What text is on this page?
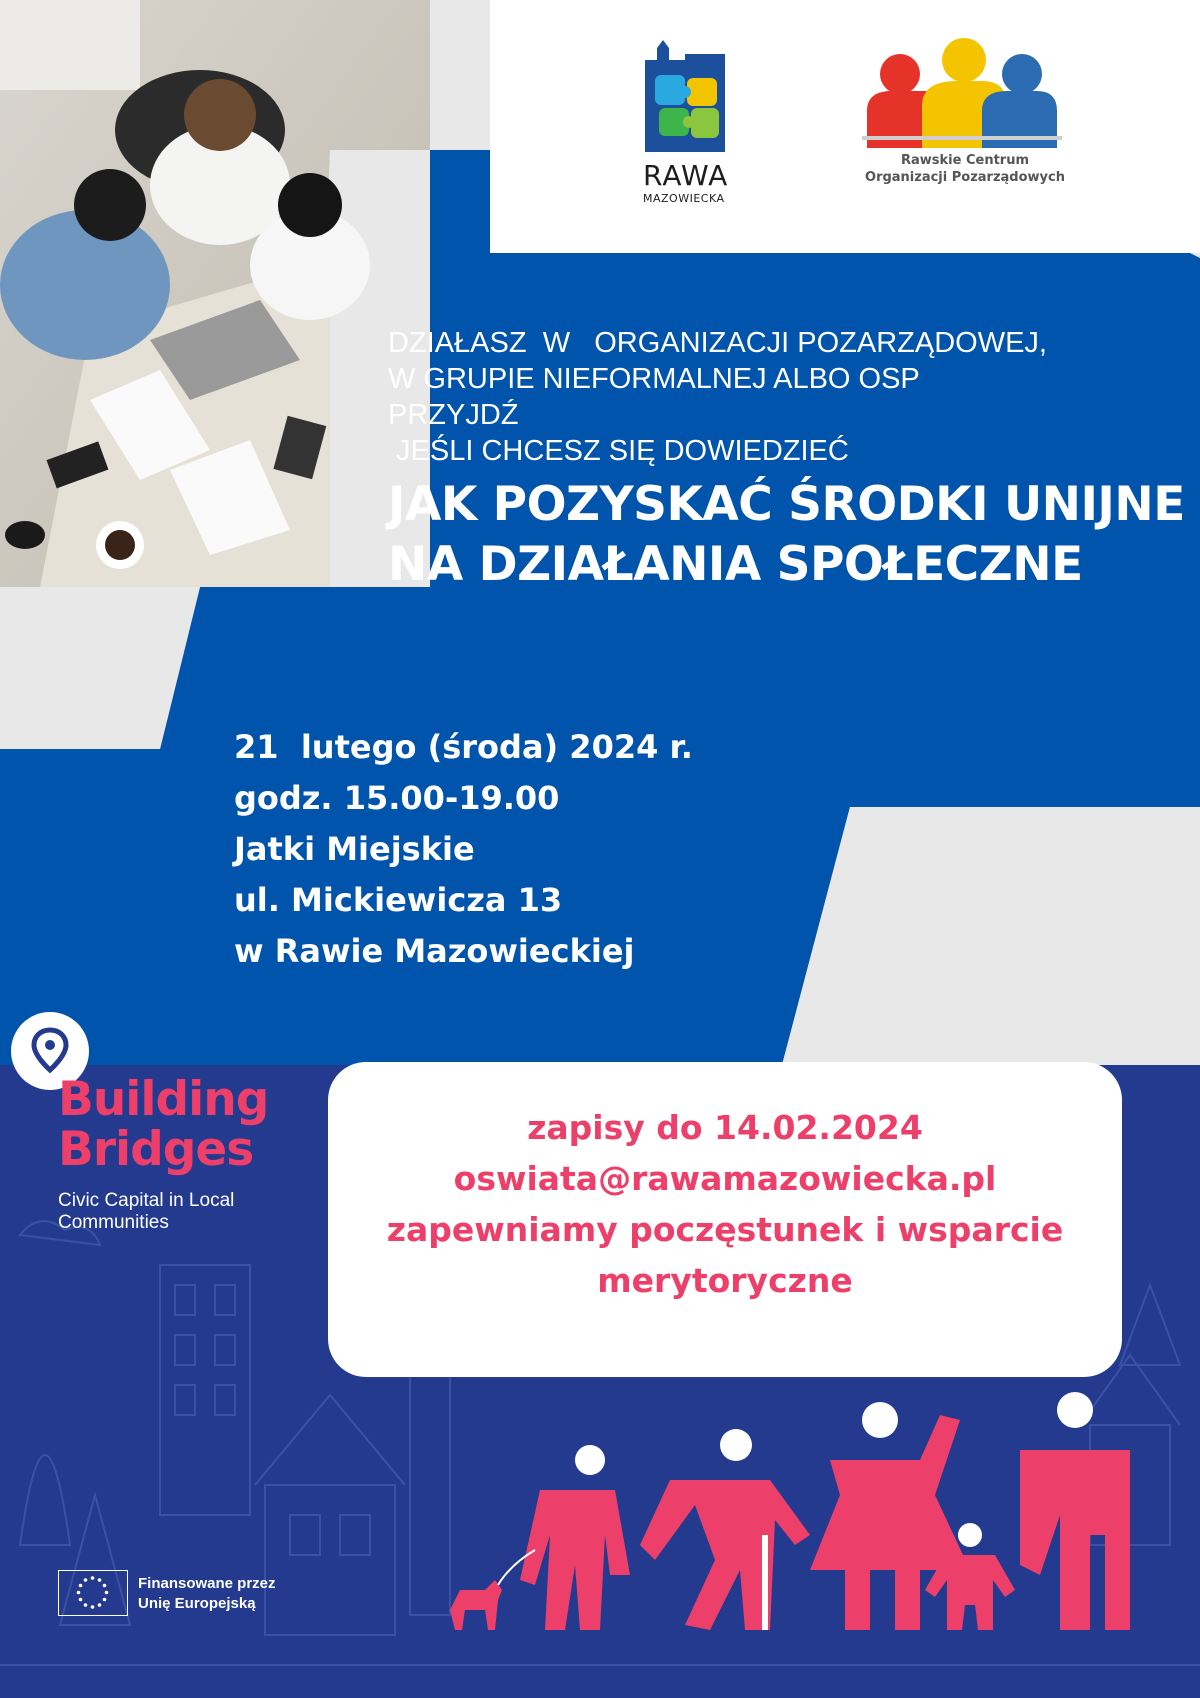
RAWA
MAZOWIECKA
Rawskie Centrum
Organizacji Pozarządowych
DZIAŁASZ  W   ORGANIZACJI POZARZĄDOWEJ,
W GRUPIE NIEFORMALNEJ ALBO OSP
PRZYJDŹ
JEŚLI CHCESZ SIĘ DOWIEDZIEĆ
JAK POZYSKAĆ ŚRODKI UNIJNE
NA DZIAŁANIA SPOŁECZNE
21  lutego (środa) 2024 r.
godz. 15.00-19.00
Jatki Miejskie
ul. Mickiewicza 13
w Rawie Mazowieckiej
zapisy do 14.02.2024
oswiata@rawamazowiecka.pl
zapewniamy poczęstunek i wsparcie
merytoryczne
Building
Bridges
Civic Capital in Local
Communities
Finansowane przez
Unię Europejską
